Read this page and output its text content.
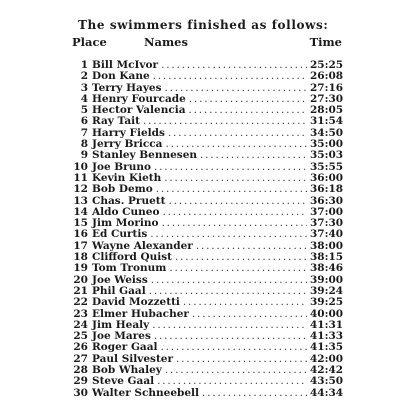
The swimmers finished as follows:
Place	Names	Time
1 Bill McIvor .....	25:25
2 Don Kane .....	26:08
3 Terry Hayes .....	27:16
4 Henry Fourcade .....	27:30
5 Hector Valencia .....	28:05
6 Ray Tait .....	31:54
7 Harry Fields .....	34:50
8 Jerry Bricca .....	35:00
9 Stanley Bennesen .....	35:03
10 Joe Bruno .....	35:55
11 Kevin Kieth .....	36:00
12 Bob Demo .....	36:18
13 Chas. Pruett .....	36:30
14 Aldo Cuneo .....	37:00
15 Jim Morino .....	37:30
16 Ed Curtis .....	37:40
17 Wayne Alexander .....	38:00
18 Clifford Quist .....	38:15
19 Tom Tronum .....	38:46
20 Joe Weiss .....	39:00
21 Phil Gaal .....	39:24
22 David Mozzetti .....	39:25
23 Elmer Hubacher .....	40:00
24 Jim Healy .....	41:31
25 Joe Mares .....	41:33
26 Roger Gaal .....	41:35
27 Paul Silvester .....	42:00
28 Bob Whaley .....	42:42
29 Steve Gaal .....	43:50
30 Walter Schneebell .....	44:34
